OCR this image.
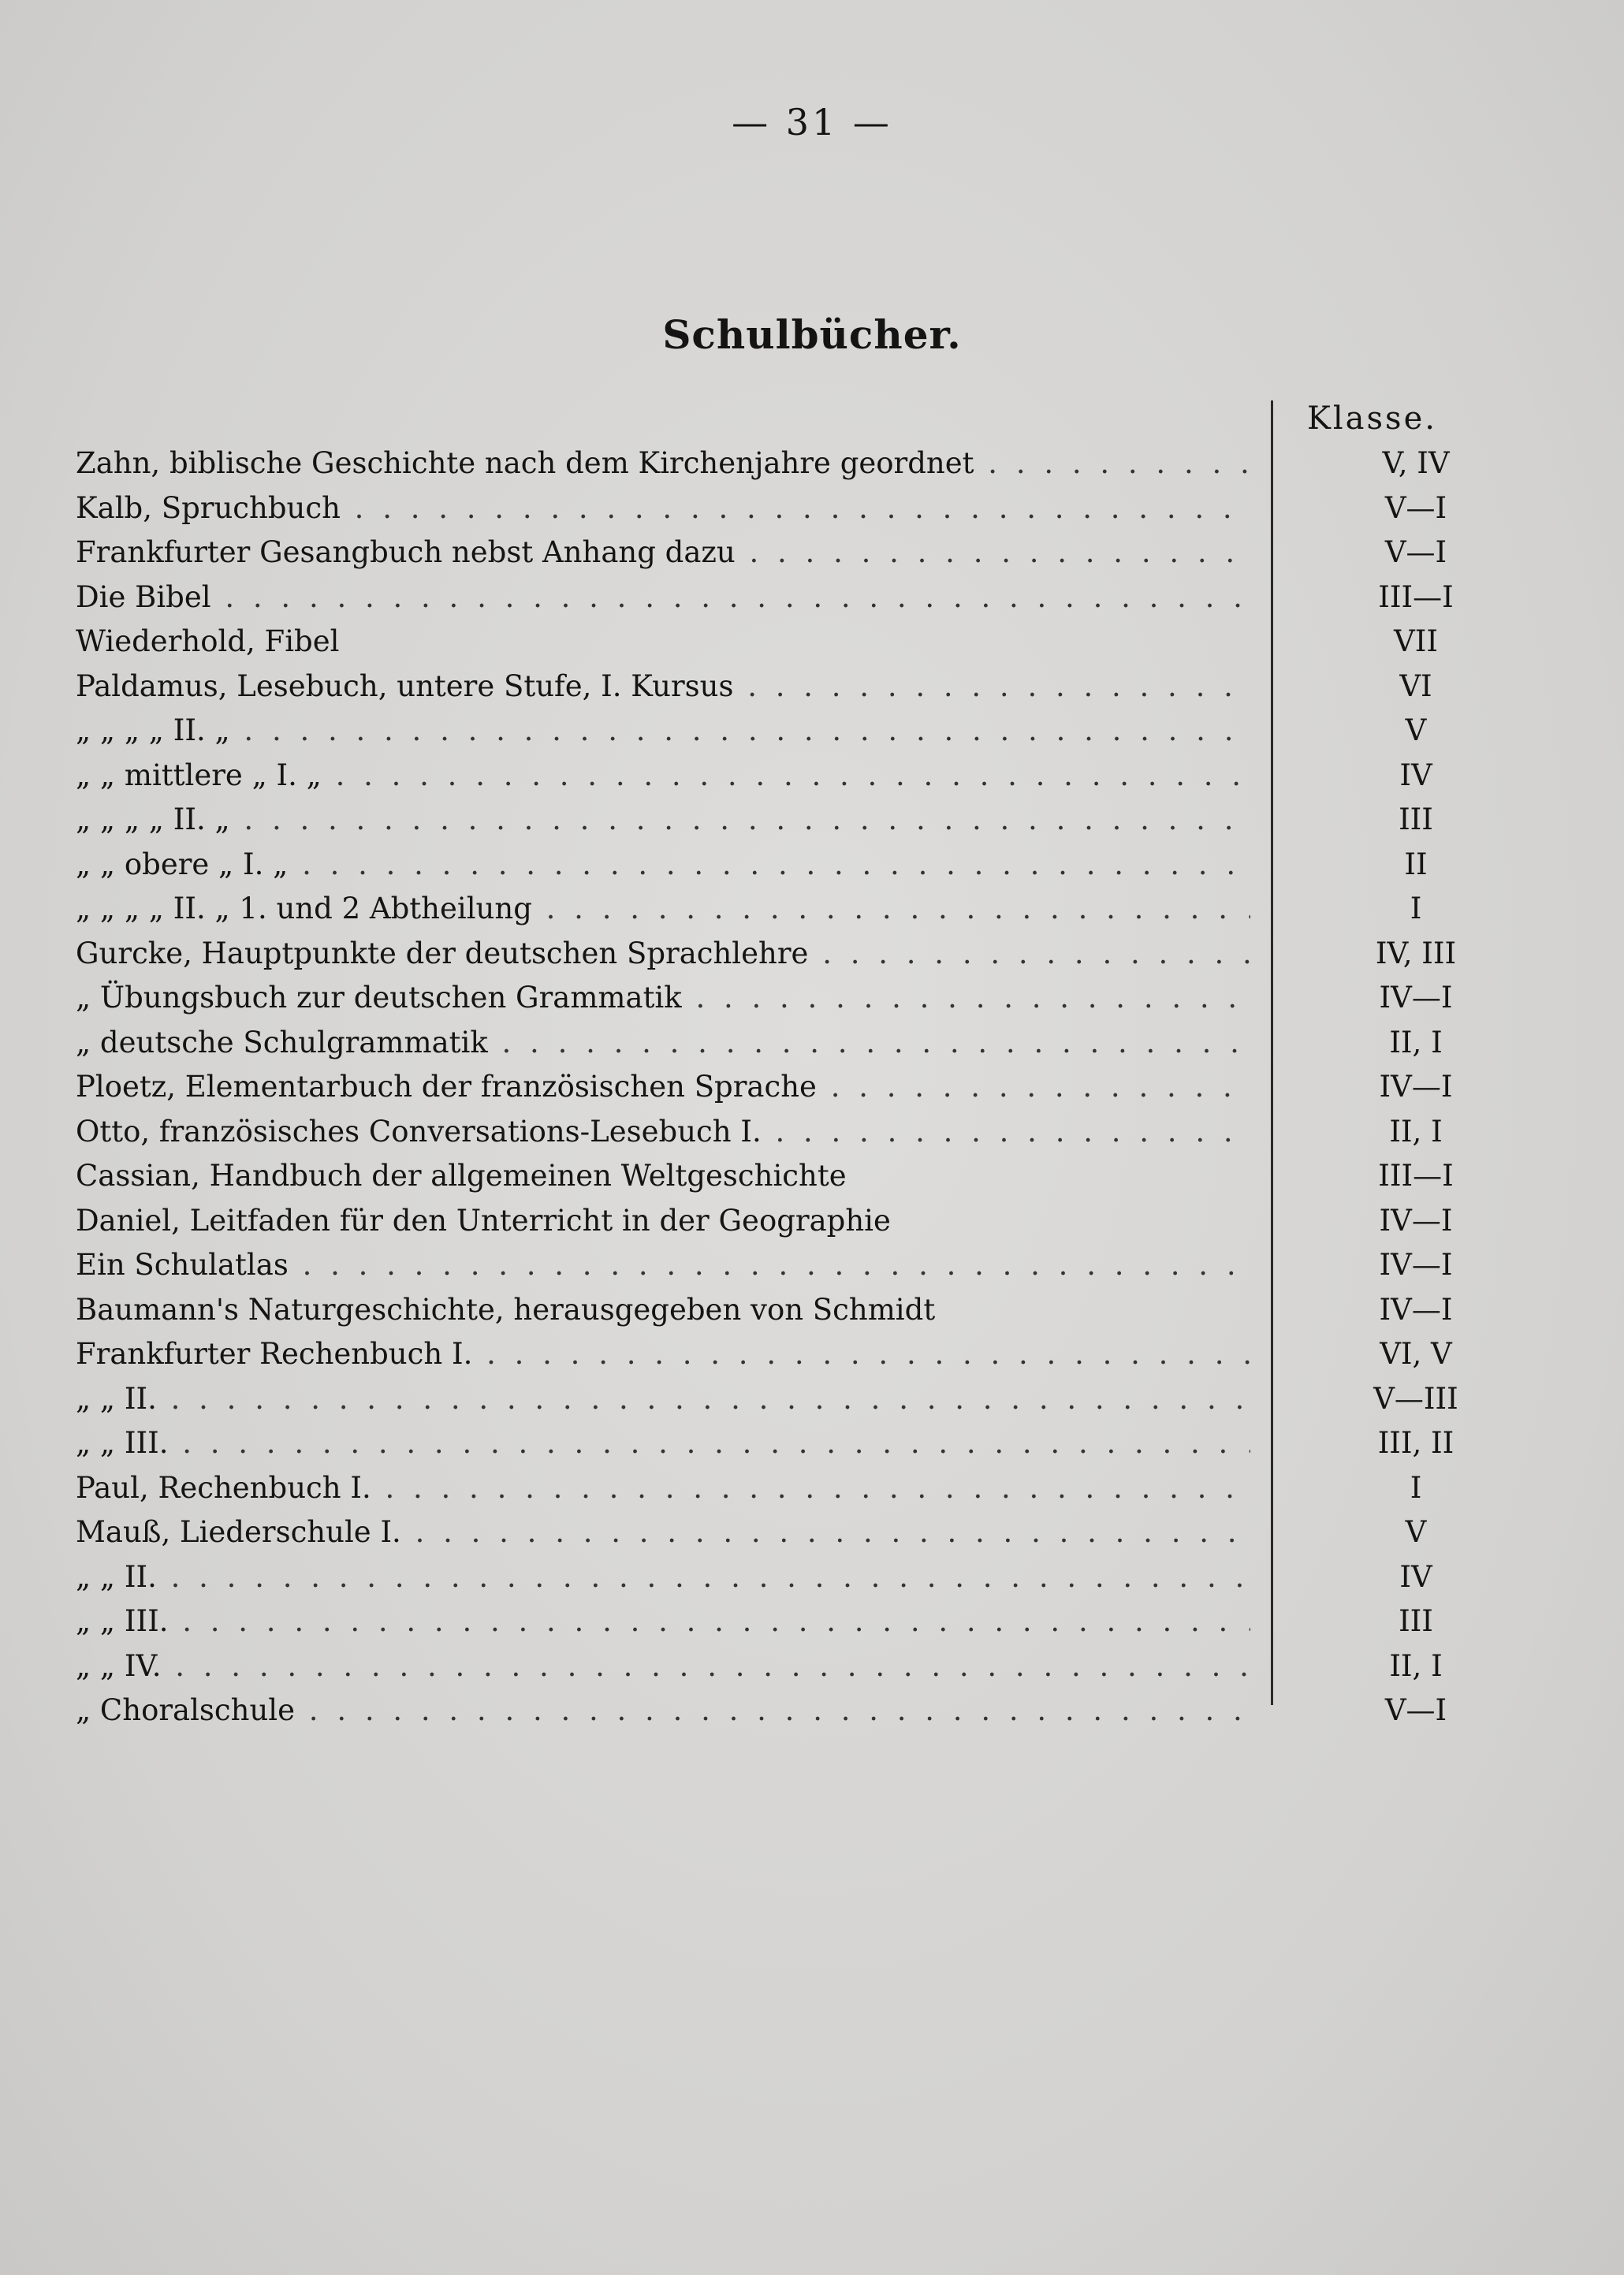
— 31 —
Schulbücher.
Klasse.
Zahn, biblische Geschichte nach dem Kirchenjahre geordnet . .	V, IV
Kalb, Spruchbuch . .	V—I
Frankfurter Gesangbuch nebst Anhang dazu . .	V—I
Die Bibel . .	III—I
Wiederhold, Fibel	VII
Paldamus, Lesebuch, untere Stufe, I. Kursus . .	VI
„ „ „ „ II. „ . .	V
„ „ mittlere „ I. „ . .	IV
„ „ „ „ II. „ . .	III
„ „ obere „ I. „ . .	II
„ „ „ „ II. „ 1. und 2 Abtheilung . .	I
Gurcke, Hauptpunkte der deutschen Sprachlehre . .	IV, III
„ Übungsbuch zur deutschen Grammatik . .	IV—I
„ deutsche Schulgrammatik . .	II, I
Ploetz, Elementarbuch der französischen Sprache . .	IV—I
Otto, französisches Conversations-Lesebuch I. . .	II, I
Cassian, Handbuch der allgemeinen Weltgeschichte	III—I
Daniel, Leitfaden für den Unterricht in der Geographie	IV—I
Ein Schulatlas . .	IV—I
Baumann's Naturgeschichte, herausgegeben von Schmidt	IV—I
Frankfurter Rechenbuch I. . .	VI, V
„ „ II. . .	V—III
„ „ III. . .	III, II
Paul, Rechenbuch I. . .	I
Mauß, Liederschule I. . .	V
„ „ II. . .	IV
„ „ III. . .	III
„ „ IV. . .	II, I
„ Choralschule . .	V—I
